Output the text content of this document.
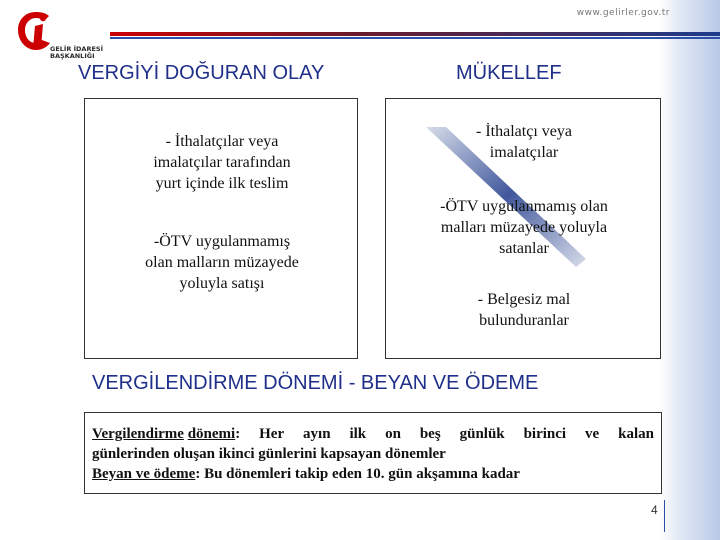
www.gelirler.gov.tr
GELİR İDARESİ BAŞKANLIĞI
VERGİYİ DOĞURAN OLAY	MÜKELLEF
- İthalatçılar veya
imalatçılar tarafından
yurt içinde ilk teslim
-ÖTV uygulanmamış
olan malların müzayede
yoluyla satışı
- İthalatçı veya
imalatçılar
-ÖTV uygulanmamış olan
malları müzayede yoluyla
satanlar
- Belgesiz mal
bulunduranlar
VERGİLENDİRME DÖNEMİ - BEYAN VE ÖDEME
Vergilendirme dönemi: Her ayın ilk on beş günlük birinci ve kalan
günlerinden oluşan ikinci günlerini kapsayan dönemler
Beyan ve ödeme: Bu dönemleri takip eden 10. gün akşamına kadar
4
